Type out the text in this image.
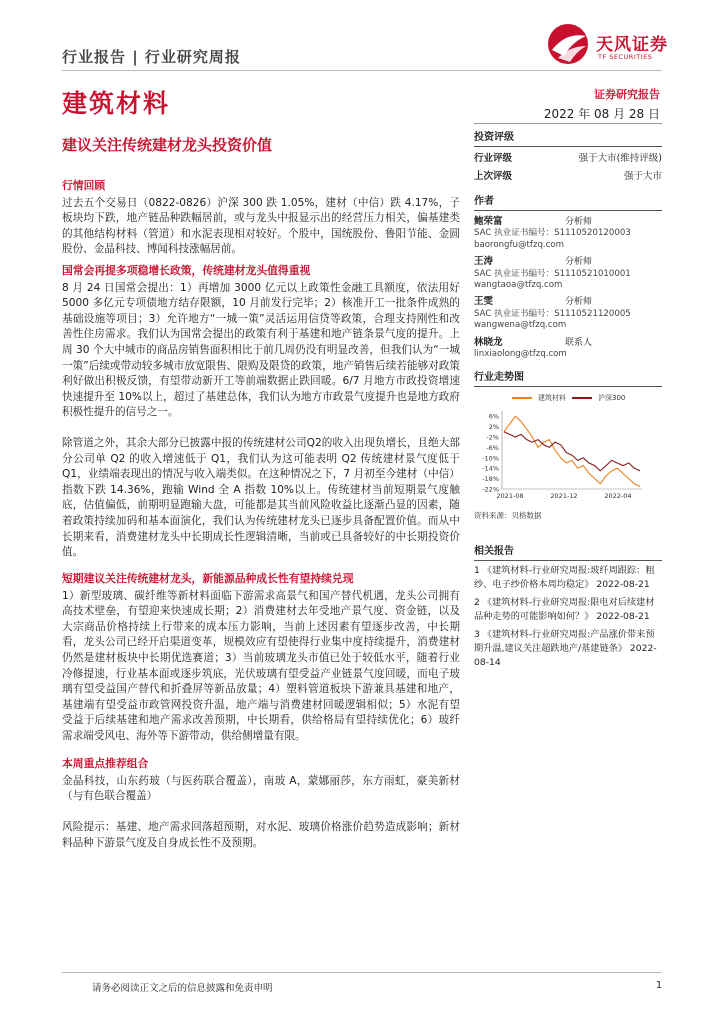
行业报告 | 行业研究周报
天风证券
TF SECURITIES
建筑材料	证券研究报告
2022 年 08 月 28 日
建议关注传统建材龙头投资价值
行情回顾
过去五个交易日（0822-0826）沪深 300 跌 1.05%，建材（中信）跌 4.17%，子板块均下跌，地产链品种跌幅居前，或与龙头中报显示出的经营压力相关，偏基建类的其他结构材料（管道）和水泥表现相对较好。个股中，国统股份、鲁阳节能、金圆股份、金晶科技、博闻科技涨幅居前。
国常会再提多项稳增长政策，传统建材龙头值得重视
8 月 24 日国常会提出：1）再增加 3000 亿元以上政策性金融工具额度，依法用好 5000 多亿元专项债地方结存限额，10 月前发行完毕；2）核准开工一批条件成熟的基础设施等项目；3）允许地方“一城一策”灵活运用信贷等政策，合理支持刚性和改善性住房需求。我们认为国常会提出的政策有利于基建和地产链条景气度的提升。上周 30 个大中城市的商品房销售面积相比于前几周仍没有明显改善，但我们认为“一城一策”后续或带动较多城市放宽限售、限购及限贷的政策，地产销售后续若能够对政策利好做出积极反馈，有望带动新开工等前端数据止跌回暖。6/7 月地方市政投资增速快速提升至 10%以上，超过了基建总体，我们认为地方市政景气度提升也是地方政府积极性提升的信号之一。
除管道之外，其余大部分已披露中报的传统建材公司Q2的收入出现负增长，且绝大部分公司单 Q2 的收入增速低于 Q1，我们认为这可能表明 Q2 传统建材景气度低于 Q1，业绩端表现出的情况与收入端类似。在这种情况之下，7 月初至今建材（中信）指数下跌 14.36%，跑输 Wind 全 A 指数 10%以上。传统建材当前短期景气度触底，估值偏低，前期明显跑输大盘，可能都是其当前风险收益比逐渐凸显的因素，随着政策持续加码和基本面演化，我们认为传统建材龙头已逐步具备配置价值。而从中长期来看，消费建材龙头中长期成长性逻辑清晰，当前或已具备较好的中长期投资价值。
短期建议关注传统建材龙头，新能源品种成长性有望持续兑现
1）新型玻璃、碳纤维等新材料面临下游需求高景气和国产替代机遇，龙头公司拥有高技术壁垒，有望迎来快速成长期；2）消费建材去年受地产景气度、资金链，以及大宗商品价格持续上行带来的成本压力影响，当前上述因素有望逐步改善，中长期看，龙头公司已经开启渠道变革，规模效应有望使得行业集中度持续提升，消费建材仍然是建材板块中长期优选赛道；3）当前玻璃龙头市值已处于较低水平，随着行业冷修提速，行业基本面或逐步筑底，光伏玻璃有望受益产业链景气度回暖，而电子玻璃有望受益国产替代和折叠屏等新品放量；4）塑料管道板块下游兼具基建和地产，基建端有望受益市政管网投资升温，地产端与消费建材回暖逻辑相似；5）水泥有望受益于后续基建和地产需求改善预期，中长期看，供给格局有望持续优化；6）玻纤需求端受风电、海外等下游带动，供给侧增量有限。
本周重点推荐组合
金晶科技，山东药玻（与医药联合覆盖），南玻 A，蒙娜丽莎，东方雨虹，豪美新材（与有色联合覆盖）
风险提示：基建、地产需求回落超预期，对水泥、玻璃价格涨价趋势造成影响；新材料品种下游景气度及自身成长性不及预期。
投资评级
行业评级	强于大市(维持评级)
上次评级	强于大市
作者
鲍荣富	分析师
SAC 执业证书编号：S1110520120003
baorongfu@tfzq.com
王涛	分析师
SAC 执业证书编号：S1110521010001
wangtaoa@tfzq.com
王雯	分析师
SAC 执业证书编号：S1110521120005
wangwena@tfzq.com
林晓龙	联系人
linxiaolong@tfzq.com
行业走势图
建筑材料	沪深300
6%
2%
-2%
-6%
-10%
-14%
-18%
-22%
2021-08	2021-12	2022-04
资料来源：贝格数据
相关报告
1 《建筑材料-行业研究周报:玻纤周跟踪：粗纱、电子纱价格本周均稳定》 2022-08-21
2 《建筑材料-行业研究周报:限电对后续建材品种走势的可能影响如何？》 2022-08-21
3 《建筑材料-行业研究周报:产品涨价带来预期升温,建议关注超跌地产/基建链条》 2022-08-14
请务必阅读正文之后的信息披露和免责申明	1
